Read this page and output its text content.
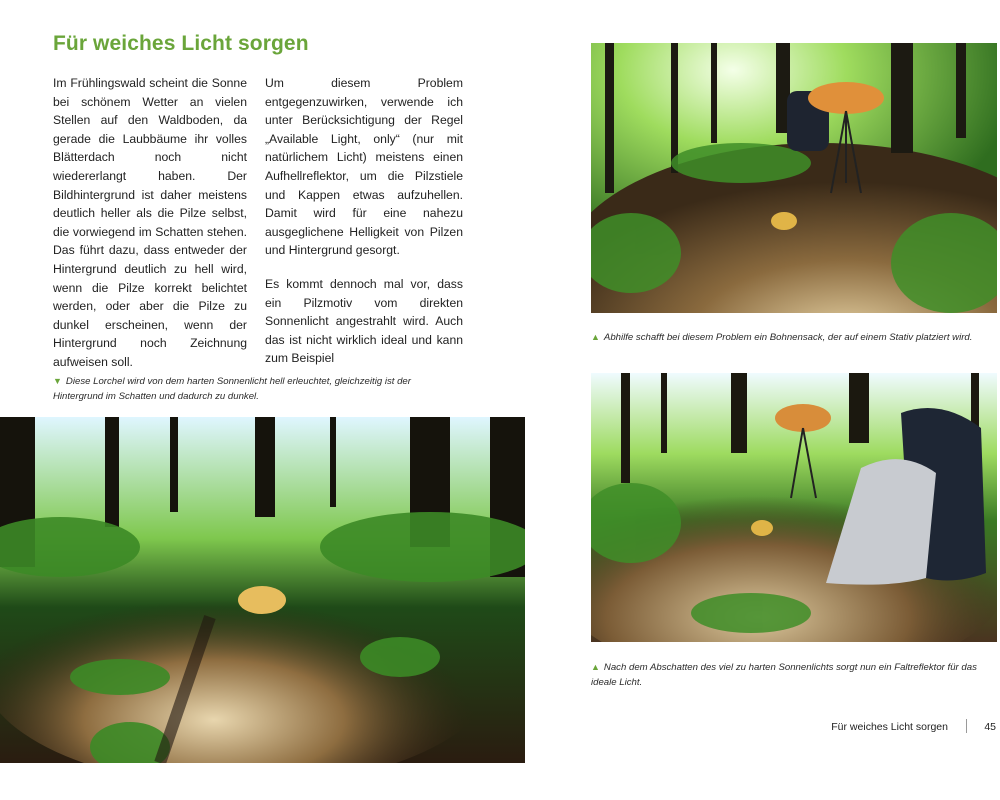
Für weiches Licht sorgen

Im Frühlingswald scheint die Sonne bei schönem Wetter an vielen Stellen auf den Waldboden, da gerade die Laubbäume ihr volles Blätterdach noch nicht wiedererlangt haben. Der Bildhintergrund ist daher meistens deutlich heller als die Pilze selbst, die vorwiegend im Schatten stehen. Das führt dazu, dass entweder der Hintergrund deutlich zu hell wird, wenn die Pilze korrekt belichtet werden, oder aber die Pilze zu dunkel erscheinen, wenn der Hintergrund noch Zeichnung aufweisen soll.

Um diesem Problem entgegenzuwirken, verwende ich unter Berücksichtigung der Regel „Available Light, only“ (nur mit natürlichem Licht) meistens einen Aufhellreflektor, um die Pilzstiele und Kappen etwas aufzuhellen. Damit wird für eine nahezu ausgeglichene Helligkeit von Pilzen und Hintergrund gesorgt.

Es kommt dennoch mal vor, dass ein Pilzmotiv vom direkten Sonnenlicht angestrahlt wird. Auch das ist nicht wirklich ideal und kann zum Beispiel

▲ Abhilfe schafft bei diesem Problem ein Bohnensack, der auf einem Stativ platziert wird.
▼ Diese Lorchel wird von dem harten Sonnenlicht hell erleuchtet, gleichzeitig ist der Hintergrund im Schatten und dadurch zu dunkel.
▲ Nach dem Abschatten des viel zu harten Sonnenlichts sorgt nun ein Faltreflektor für das ideale Licht.
Für weiches Licht sorgen	45
